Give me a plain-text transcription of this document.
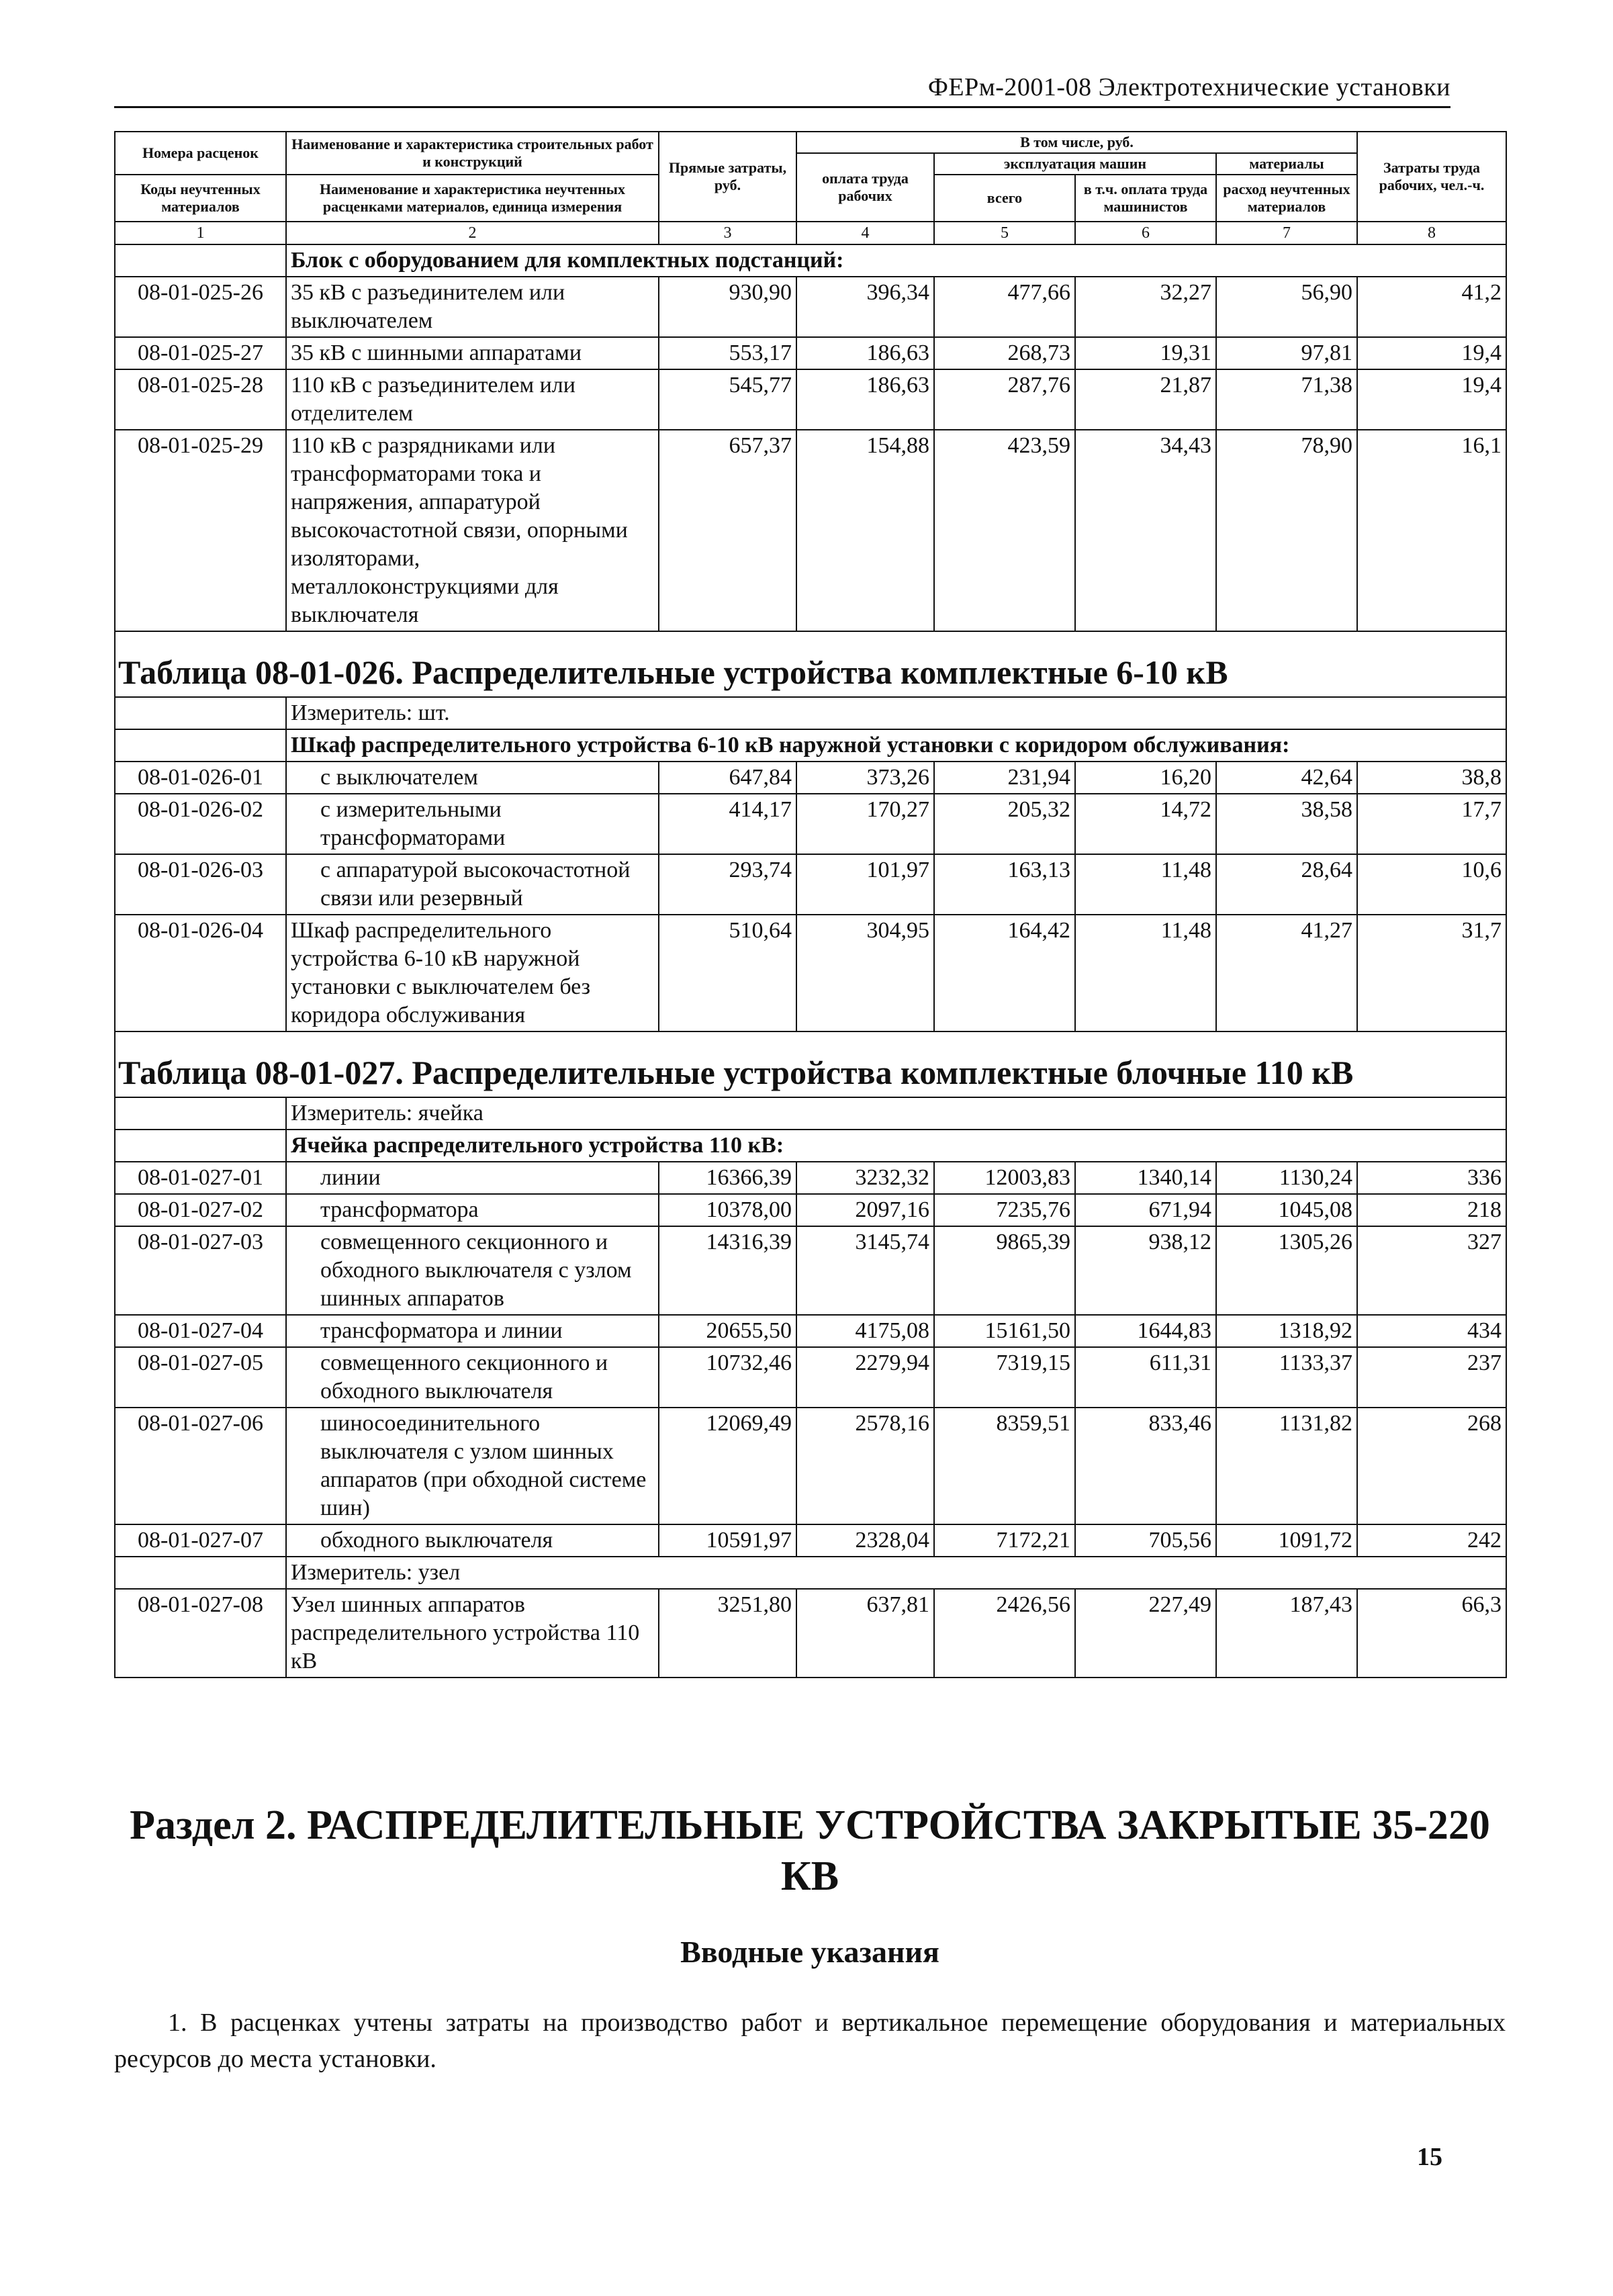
ФЕРм-2001-08 Электротехнические установки
Номера расценок	Наименование и характеристика строительных работ и конструкций	Прямые затраты, руб.	В том числе, руб.				Затраты труда рабочих, чел.-ч.
			оплата труда рабочих	эксплуатация машин		материалы	
Коды неучтенных материалов	Наименование и характеристика неучтенных расценками материалов, единица измерения			всего	в т.ч. оплата труда машинистов	расход неучтенных материалов	

1	2	3	4	5	6	7	8
	Блок с оборудованием для комплектных подстанций:						
08-01-025-26	35 кВ с разъединителем или выключателем	930,90	396,34	477,66	32,27	56,90	41,2
08-01-025-27	35 кВ с шинными аппаратами	553,17	186,63	268,73	19,31	97,81	19,4
08-01-025-28	110 кВ с разъединителем или отделителем	545,77	186,63	287,76	21,87	71,38	19,4
08-01-025-29	110 кВ с разрядниками или трансформаторами тока и напряжения, аппаратурой высокочастотной связи, опорными изоляторами, металлоконструкциями для выключателя	657,37	154,88	423,59	34,43	78,90	16,1
Таблица 08-01-026. Распределительные устройства комплектные 6-10 кВ							
	Измеритель: шт.						
	Шкаф распределительного устройства 6-10 кВ наружной установки с коридором обслуживания:						
08-01-026-01	с выключателем	647,84	373,26	231,94	16,20	42,64	38,8
08-01-026-02	с измерительными трансформаторами	414,17	170,27	205,32	14,72	38,58	17,7
08-01-026-03	с аппаратурой высокочастотной связи или резервный	293,74	101,97	163,13	11,48	28,64	10,6
08-01-026-04	Шкаф распределительного устройства 6-10 кВ наружной установки с выключателем без коридора обслуживания	510,64	304,95	164,42	11,48	41,27	31,7
Таблица 08-01-027. Распределительные устройства комплектные блочные 110 кВ							
	Измеритель: ячейка						
	Ячейка распределительного устройства 110 кВ:						
08-01-027-01	линии	16366,39	3232,32	12003,83	1340,14	1130,24	336
08-01-027-02	трансформатора	10378,00	2097,16	7235,76	671,94	1045,08	218
08-01-027-03	совмещенного секционного и обходного выключателя с узлом шинных аппаратов	14316,39	3145,74	9865,39	938,12	1305,26	327
08-01-027-04	трансформатора и линии	20655,50	4175,08	15161,50	1644,83	1318,92	434
08-01-027-05	совмещенного секционного и обходного выключателя	10732,46	2279,94	7319,15	611,31	1133,37	237
08-01-027-06	шиносоединительного выключателя с узлом шинных аппаратов (при обходной системе шин)	12069,49	2578,16	8359,51	833,46	1131,82	268
08-01-027-07	обходного выключателя	10591,97	2328,04	7172,21	705,56	1091,72	242
	Измеритель: узел						
08-01-027-08	Узел шинных аппаратов распределительного устройства 110 кВ	3251,80	637,81	2426,56	227,49	187,43	66,3
Раздел 2. РАСПРЕДЕЛИТЕЛЬНЫЕ УСТРОЙСТВА ЗАКРЫТЫЕ 35-220 КВ
Вводные указания
1. В расценках учтены затраты на производство работ и вертикальное перемещение оборудования и материальных ресурсов до места установки.
15
